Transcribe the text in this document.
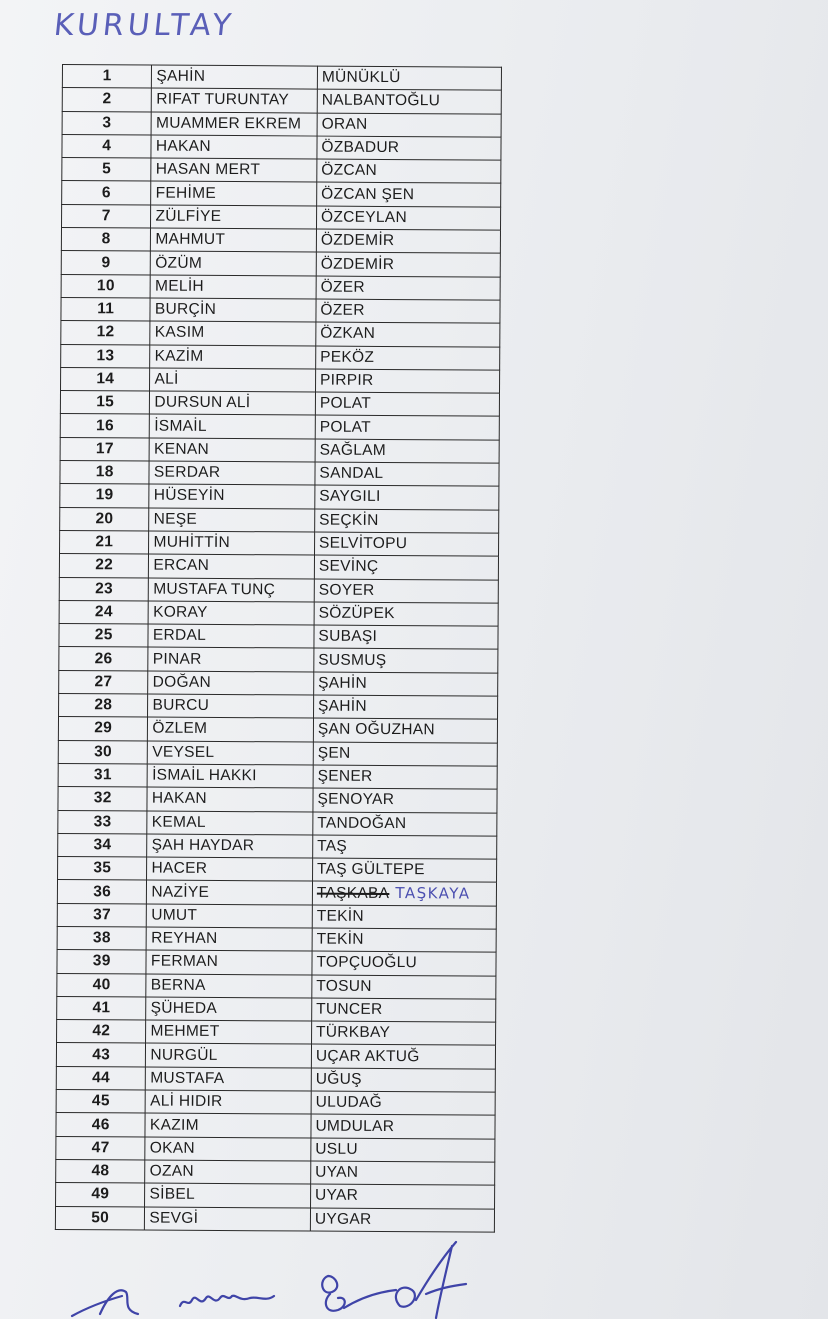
KURULTAY
1	ŞAHİN	MÜNÜKLÜ
2	RIFAT TURUNTAY	NALBANTOĞLU
3	MUAMMER EKREM	ORAN
4	HAKAN	ÖZBADUR
5	HASAN MERT	ÖZCAN
6	FEHİME	ÖZCAN ŞEN
7	ZÜLFİYE	ÖZCEYLAN
8	MAHMUT	ÖZDEMİR
9	ÖZÜM	ÖZDEMİR
10	MELİH	ÖZER
11	BURÇİN	ÖZER
12	KASIM	ÖZKAN
13	KAZİM	PEKÖZ
14	ALİ	PIRPIR
15	DURSUN ALİ	POLAT
16	İSMAİL	POLAT
17	KENAN	SAĞLAM
18	SERDAR	SANDAL
19	HÜSEYİN	SAYGILI
20	NEŞE	SEÇKİN
21	MUHİTTİN	SELVİTOPU
22	ERCAN	SEVİNÇ
23	MUSTAFA TUNÇ	SOYER
24	KORAY	SÖZÜPEK
25	ERDAL	SUBAŞI
26	PINAR	SUSMUŞ
27	DOĞAN	ŞAHİN
28	BURCU	ŞAHİN
29	ÖZLEM	ŞAN OĞUZHAN
30	VEYSEL	ŞEN
31	İSMAİL HAKKI	ŞENER
32	HAKAN	ŞENOYAR
33	KEMAL	TANDOĞAN
34	ŞAH HAYDAR	TAŞ
35	HACER	TAŞ GÜLTEPE
36	NAZİYE	TAŞKABA TAŞKAYA
37	UMUT	TEKİN
38	REYHAN	TEKİN
39	FERMAN	TOPÇUOĞLU
40	BERNA	TOSUN
41	ŞÜHEDA	TUNCER
42	MEHMET	TÜRKBAY
43	NURGÜL	UÇAR AKTUĞ
44	MUSTAFA	UĞUŞ
45	ALİ HIDIR	ULUDAĞ
46	KAZIM	UMDULAR
47	OKAN	USLU
48	OZAN	UYAN
49	SİBEL	UYAR
50	SEVGİ	UYGAR
